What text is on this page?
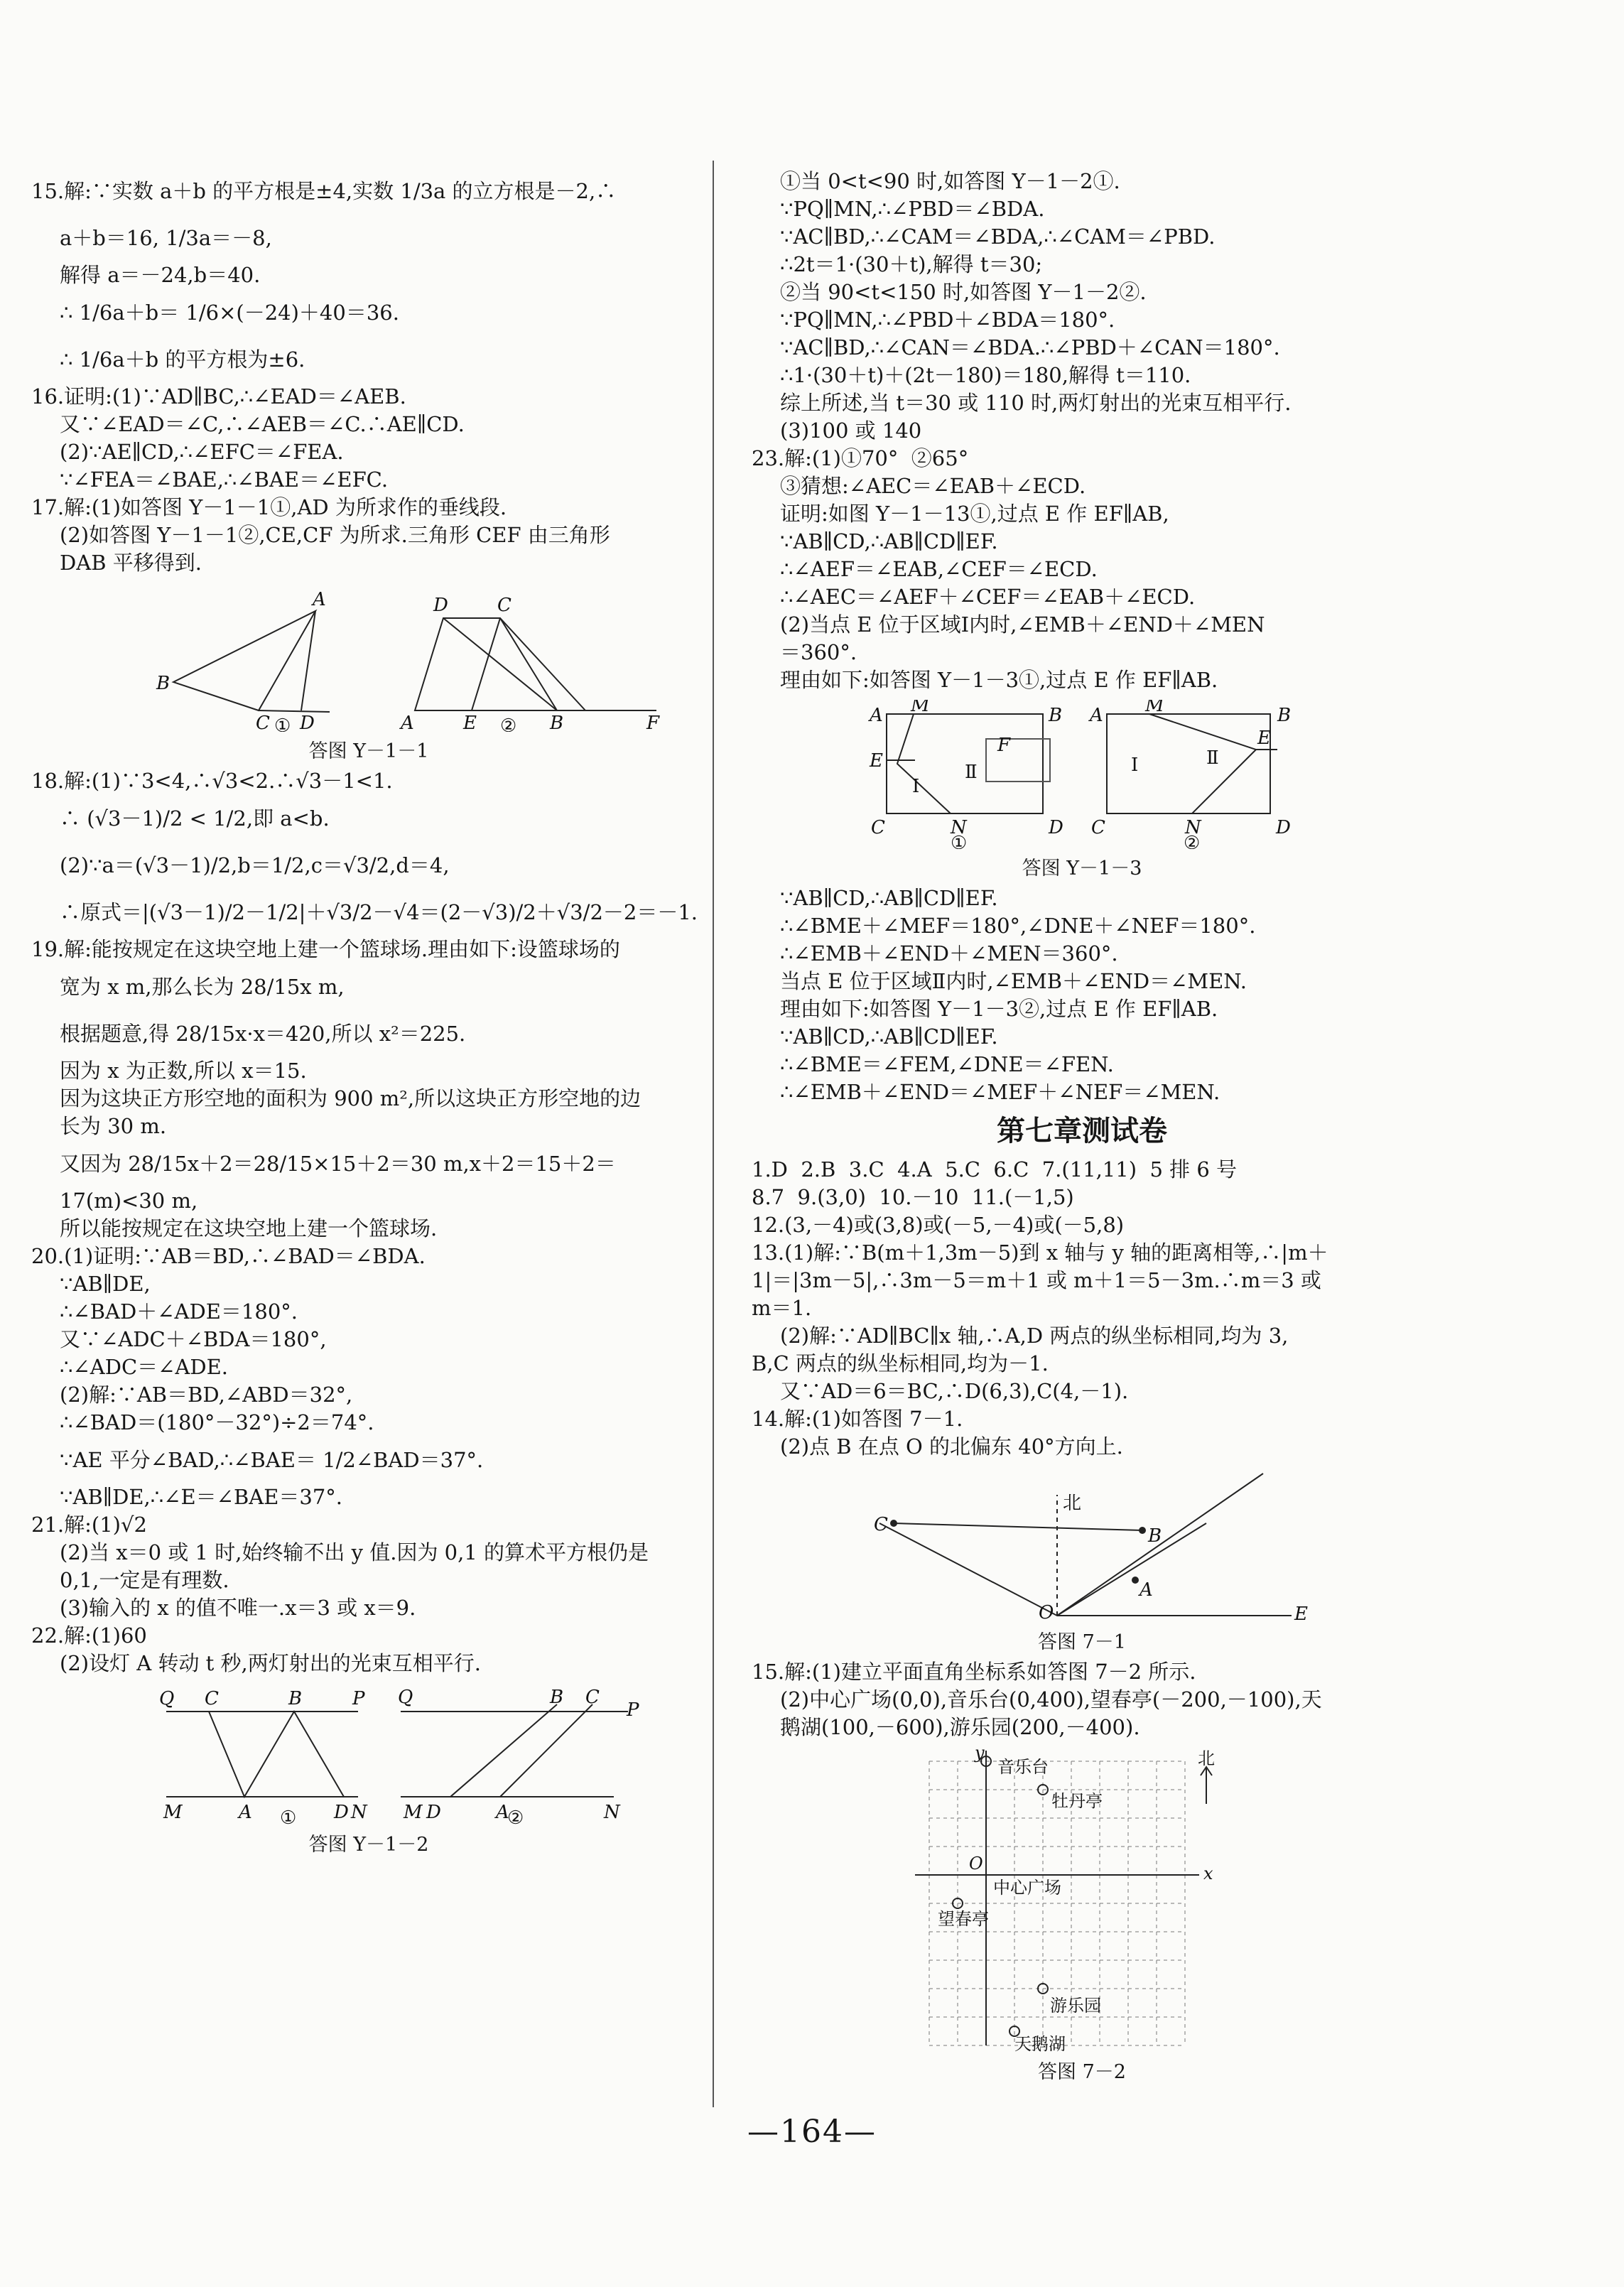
15.解:∵实数 a＋b 的平方根是±4,实数 1/3a 的立方根是－2,∴
a＋b＝16, 1/3a＝－8,
解得 a＝－24,b＝40.
∴ 1/6a＋b＝ 1/6×(－24)＋40＝36.
∴ 1/6a＋b 的平方根为±6.
16.证明:(1)∵AD∥BC,∴∠EAD＝∠AEB.
又∵∠EAD＝∠C,∴∠AEB＝∠C.∴AE∥CD.
(2)∵AE∥CD,∴∠EFC＝∠FEA.
∵∠FEA＝∠BAE,∴∠BAE＝∠EFC.
17.解:(1)如答图 Y－1－1①,AD 为所求作的垂线段.
(2)如答图 Y－1－1②,CE,CF 为所求.三角形 CEF 由三角形
DAB 平移得到.
A
B
C D
①
D	C
A	E	B	F
②
答图 Y－1－1
18.解:(1)∵3<4,∴√3<2.∴√3－1<1.
∴ (√3－1)/2 < 1/2,即 a<b.
(2)∵a＝(√3－1)/2,b＝1/2,c＝√3/2,d＝4,
∴原式＝|(√3－1)/2－1/2|＋√3/2－√4＝(2－√3)/2＋√3/2－2＝－1.
19.解:能按规定在这块空地上建一个篮球场.理由如下:设篮球场的
宽为 x m,那么长为 28/15x m,
根据题意,得 28/15x·x＝420,所以 x²＝225.
因为 x 为正数,所以 x＝15.
因为这块正方形空地的面积为 900 m²,所以这块正方形空地的边
长为 30 m.
又因为 28/15x＋2＝28/15×15＋2＝30 m,x＋2＝15＋2＝
17(m)<30 m,
所以能按规定在这块空地上建一个篮球场.
20.(1)证明:∵AB＝BD,∴∠BAD＝∠BDA.
∵AB∥DE,
∴∠BAD＋∠ADE＝180°.
又∵∠ADC＋∠BDA＝180°,
∴∠ADC＝∠ADE.
(2)解:∵AB＝BD,∠ABD＝32°,
∴∠BAD＝(180°－32°)÷2＝74°.
∵AE 平分∠BAD,∴∠BAE＝ 1/2∠BAD＝37°.
∵AB∥DE,∴∠E＝∠BAE＝37°.
21.解:(1)√2
(2)当 x＝0 或 1 时,始终输不出 y 值.因为 0,1 的算术平方根仍是
0,1,一定是有理数.
(3)输入的 x 的值不唯一.x＝3 或 x＝9.
22.解:(1)60
(2)设灯 A 转动 t 秒,两灯射出的光束互相平行.
Q C	B	P
M	A	D N
①
Q	B C
P
M D	A	N
②
答图 Y－1－2
①当 0<t<90 时,如答图 Y－1－2①.
∵PQ∥MN,∴∠PBD＝∠BDA.
∵AC∥BD,∴∠CAM＝∠BDA,∴∠CAM＝∠PBD.
∴2t＝1·(30＋t),解得 t＝30;
②当 90<t<150 时,如答图 Y－1－2②.
∵PQ∥MN,∴∠PBD＋∠BDA＝180°.
∵AC∥BD,∴∠CAN＝∠BDA.∴∠PBD＋∠CAN＝180°.
∴1·(30＋t)＋(2t－180)＝180,解得 t＝110.
综上所述,当 t＝30 或 110 时,两灯射出的光束互相平行.
(3)100 或 140
23.解:(1)①70°  ②65°
③猜想:∠AEC＝∠EAB＋∠ECD.
证明:如图 Y－1－13①,过点 E 作 EF∥AB,
∵AB∥CD,∴AB∥CD∥EF.
∴∠AEF＝∠EAB,∠CEF＝∠ECD.
∴∠AEC＝∠AEF＋∠CEF＝∠EAB＋∠ECD.
(2)当点 E 位于区域Ⅰ内时,∠EMB＋∠END＋∠MEN
＝360°.
理由如下:如答图 Y－1－3①,过点 E 作 EF∥AB.
A M	B
E
F
Ⅰ
Ⅱ
C	N	D
①
A M	B
E
Ⅰ	Ⅱ
C	N	D
②
答图 Y－1－3
∵AB∥CD,∴AB∥CD∥EF.
∴∠BME＋∠MEF＝180°,∠DNE＋∠NEF＝180°.
∴∠EMB＋∠END＋∠MEN＝360°.
当点 E 位于区域Ⅱ内时,∠EMB＋∠END＝∠MEN.
理由如下:如答图 Y－1－3②,过点 E 作 EF∥AB.
∵AB∥CD,∴AB∥CD∥EF.
∴∠BME＝∠FEM,∠DNE＝∠FEN.
∴∠EMB＋∠END＝∠MEF＋∠NEF＝∠MEN.
第七章测试卷
1.D  2.B  3.C  4.A  5.C  6.C  7.(11,11)  5 排 6 号
8.7  9.(3,0)  10.－10  11.(－1,5)
12.(3,－4)或(3,8)或(－5,－4)或(－5,8)
13.(1)解:∵B(m＋1,3m－5)到 x 轴与 y 轴的距离相等,∴|m＋
1|＝|3m－5|,∴3m－5＝m＋1 或 m＋1＝5－3m.∴m＝3 或
m＝1.
(2)解:∵AD∥BC∥x 轴,∴A,D 两点的纵坐标相同,均为 3,
B,C 两点的纵坐标相同,均为－1.
又∵AD＝6＝BC,∴D(6,3),C(4,－1).
14.解:(1)如答图 7－1.
(2)点 B 在点 O 的北偏东 40°方向上.
北
C
B
A
O	E
答图 7－1
15.解:(1)建立平面直角坐标系如答图 7－2 所示.
(2)中心广场(0,0),音乐台(0,400),望春亭(－200,－100),天
鹅湖(100,－600),游乐园(200,－400).
y	北
音乐台
牡丹亭
O	x
中心广场
望春亭
游乐园
天鹅湖
答图 7－2
—164—
